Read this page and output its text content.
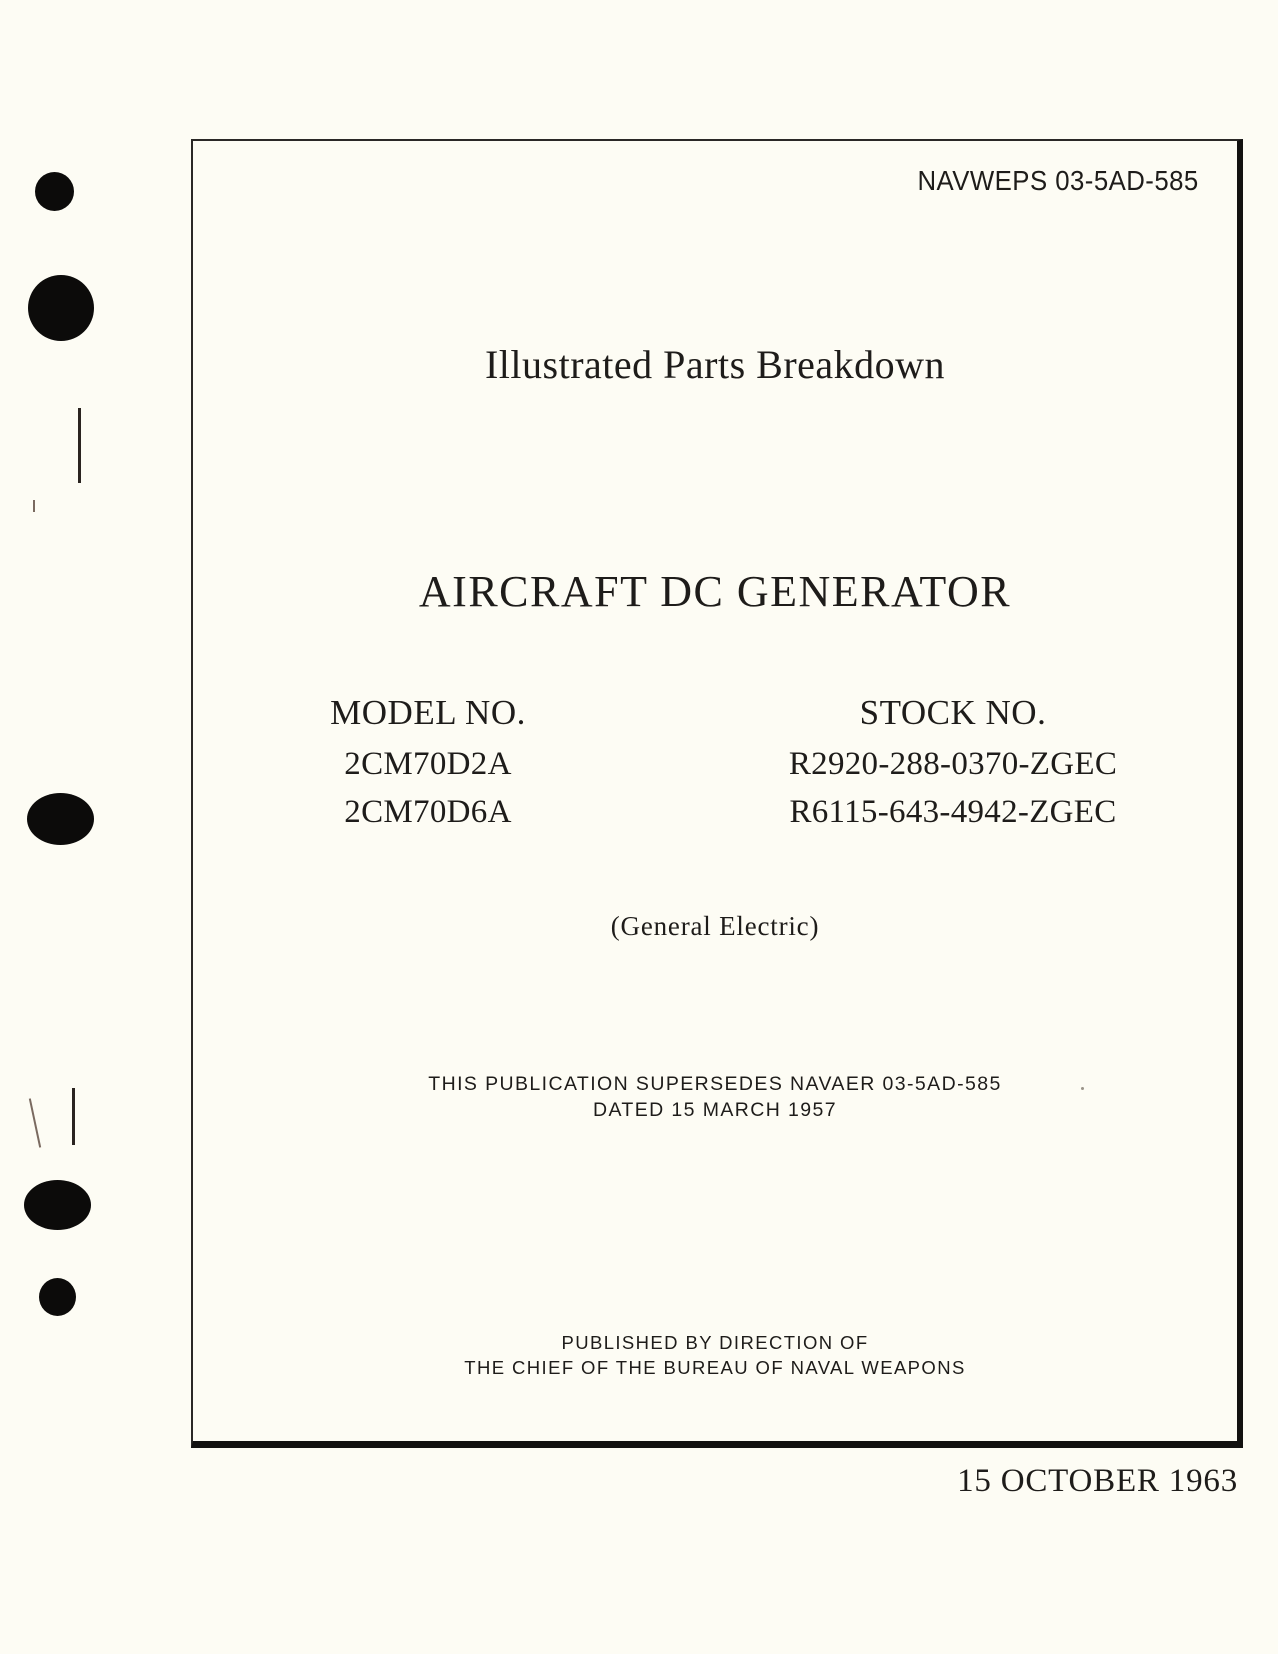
NAVWEPS 03-5AD-585
Illustrated Parts Breakdown
AIRCRAFT DC GENERATOR
MODEL NO.
2CM70D2A
2CM70D6A
STOCK NO.
R2920-288-0370-ZGEC
R6115-643-4942-ZGEC
(General Electric)
THIS PUBLICATION SUPERSEDES NAVAER 03-5AD-585
DATED 15 MARCH 1957
PUBLISHED BY DIRECTION OF
THE CHIEF OF THE BUREAU OF NAVAL WEAPONS
15 OCTOBER 1963
